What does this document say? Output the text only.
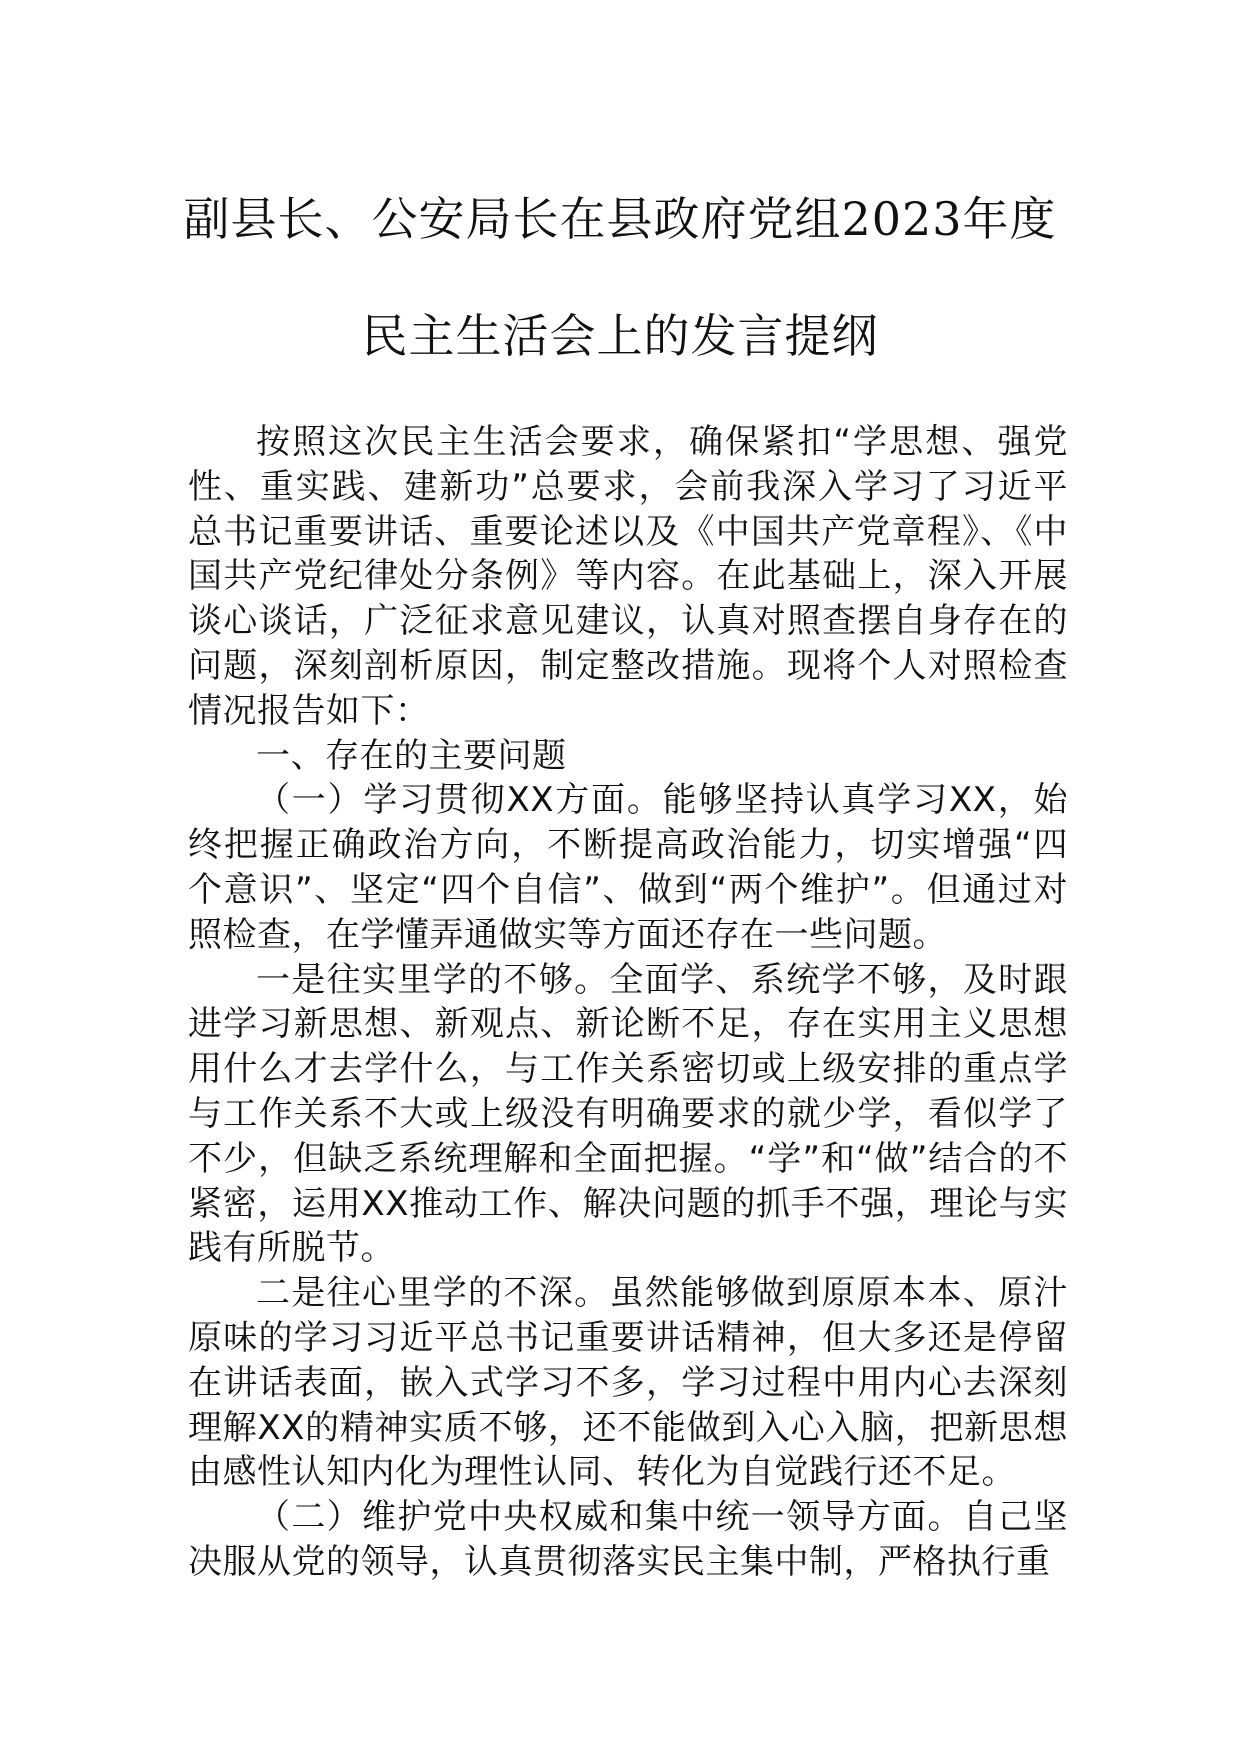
副县长、公安局长在县政府党组2023年度
民主生活会上的发言提纲

按照这次民主生活会要求，确保紧扣“学思想、强党性、重实践、建新功”总要求，会前我深入学习了习近平总书记重要讲话、重要论述以及《中国共产党章程》、《中国共产党纪律处分条例》等内容。在此基础上，深入开展谈心谈话，广泛征求意见建议，认真对照查摆自身存在的问题，深刻剖析原因，制定整改措施。现将个人对照检查情况报告如下：

一、存在的主要问题

（一）学习贯彻XX方面。能够坚持认真学习XX，始终把握正确政治方向，不断提高政治能力，切实增强“四个意识”、坚定“四个自信”、做到“两个维护”。但通过对照检查，在学懂弄通做实等方面还存在一些问题。

一是往实里学的不够。全面学、系统学不够，及时跟进学习新思想、新观点、新论断不足，存在实用主义思想用什么才去学什么，与工作关系密切或上级安排的重点学与工作关系不大或上级没有明确要求的就少学，看似学了不少，但缺乏系统理解和全面把握。“学”和“做”结合的不紧密，运用XX推动工作、解决问题的抓手不强，理论与实践有所脱节。

二是往心里学的不深。虽然能够做到原原本本、原汁原味的学习习近平总书记重要讲话精神，但大多还是停留在讲话表面，嵌入式学习不多，学习过程中用内心去深刻理解XX的精神实质不够，还不能做到入心入脑，把新思想由感性认知内化为理性认同、转化为自觉践行还不足。

（二）维护党中央权威和集中统一领导方面。自己坚决服从党的领导，认真贯彻落实民主集中制，严格执行重
